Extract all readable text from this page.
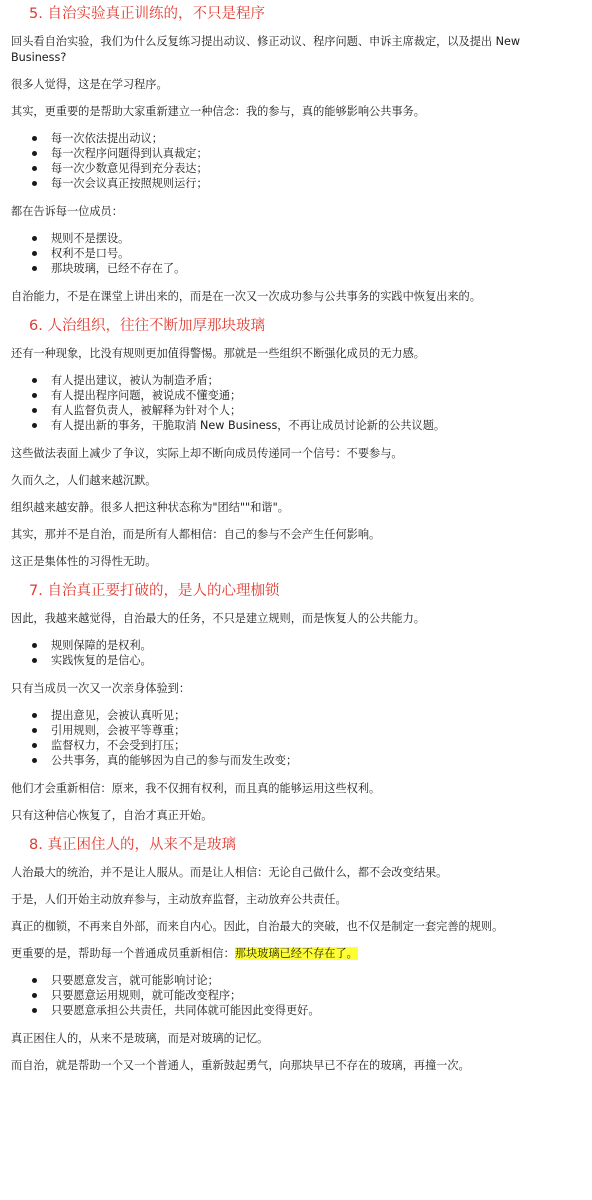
5. 自治实验真正训练的，不只是程序

回头看自治实验，我们为什么反复练习提出动议、修正动议、程序问题、申诉主席裁定，以及提出 New Business?

很多人觉得，这是在学习程序。

其实，更重要的是帮助大家重新建立一种信念：我的参与，真的能够影响公共事务。

每一次依法提出动议；
每一次程序问题得到认真裁定；
每一次少数意见得到充分表达；
每一次会议真正按照规则运行；

都在告诉每一位成员：

规则不是摆设。
权利不是口号。
那块玻璃，已经不存在了。

自治能力，不是在课堂上讲出来的，而是在一次又一次成功参与公共事务的实践中恢复出来的。

6. 人治组织，往往不断加厚那块玻璃

还有一种现象，比没有规则更加值得警惕。那就是一些组织不断强化成员的无力感。

有人提出建议，被认为制造矛盾；
有人提出程序问题，被说成不懂变通；
有人监督负责人，被解释为针对个人；
有人提出新的事务，干脆取消 New Business，不再让成员讨论新的公共议题。

这些做法表面上减少了争议，实际上却不断向成员传递同一个信号：不要参与。

久而久之，人们越来越沉默。

组织越来越安静。很多人把这种状态称为"团结""和谐"。

其实，那并不是自治，而是所有人都相信：自己的参与不会产生任何影响。

这正是集体性的习得性无助。

7. 自治真正要打破的，是人的心理枷锁

因此，我越来越觉得，自治最大的任务，不只是建立规则，而是恢复人的公共能力。

规则保障的是权利。
实践恢复的是信心。

只有当成员一次又一次亲身体验到：

提出意见，会被认真听见；
引用规则，会被平等尊重；
监督权力，不会受到打压；
公共事务，真的能够因为自己的参与而发生改变；

他们才会重新相信：原来，我不仅拥有权利，而且真的能够运用这些权利。

只有这种信心恢复了，自治才真正开始。

8. 真正困住人的，从来不是玻璃

人治最大的统治，并不是让人服从。而是让人相信：无论自己做什么，都不会改变结果。

于是，人们开始主动放弃参与，主动放弃监督，主动放弃公共责任。

真正的枷锁，不再来自外部，而来自内心。因此，自治最大的突破，也不仅是制定一套完善的规则。

更重要的是，帮助每一个普通成员重新相信：那块玻璃已经不存在了。

只要愿意发言，就可能影响讨论；
只要愿意运用规则，就可能改变程序；
只要愿意承担公共责任，共同体就可能因此变得更好。

真正困住人的，从来不是玻璃，而是对玻璃的记忆。

而自治，就是帮助一个又一个普通人，重新鼓起勇气，向那块早已不存在的玻璃，再撞一次。
